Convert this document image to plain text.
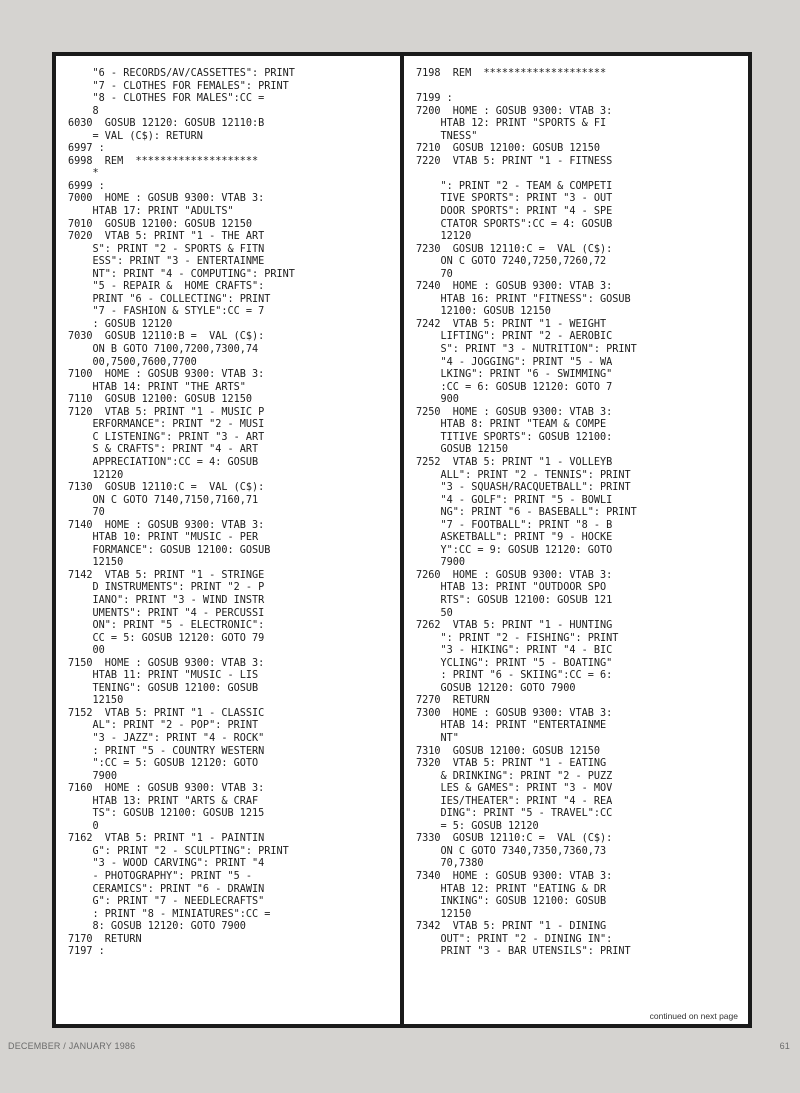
"6 - RECORDS/AV/CASSETTES": PRINT
"7 - CLOTHES FOR FEMALES": PRINT
"8 - CLOTHES FOR MALES":CC =
8
6030  GOSUB 12120: GOSUB 12110:B
= VAL (C$): RETURN
6997 :
6998  REM  ********************
*
6999 :
7000  HOME : GOSUB 9300: VTAB 3:
HTAB 17: PRINT "ADULTS"
7010  GOSUB 12100: GOSUB 12150
7020  VTAB 5: PRINT "1 - THE ART
S": PRINT "2 - SPORTS & FITN
ESS": PRINT "3 - ENTERTAINME
NT": PRINT "4 - COMPUTING": PRINT
"5 - REPAIR &  HOME CRAFTS":
PRINT "6 - COLLECTING": PRINT
"7 - FASHION & STYLE":CC = 7
: GOSUB 12120
7030  GOSUB 12110:B =  VAL (C$):
ON B GOTO 7100,7200,7300,74
00,7500,7600,7700
7100  HOME : GOSUB 9300: VTAB 3:
HTAB 14: PRINT "THE ARTS"
7110  GOSUB 12100: GOSUB 12150
7120  VTAB 5: PRINT "1 - MUSIC P
ERFORMANCE": PRINT "2 - MUSI
C LISTENING": PRINT "3 - ART
S & CRAFTS": PRINT "4 - ART
APPRECIATION":CC = 4: GOSUB
12120
7130  GOSUB 12110:C =  VAL (C$):
ON C GOTO 7140,7150,7160,71
70
7140  HOME : GOSUB 9300: VTAB 3:
HTAB 10: PRINT "MUSIC - PER
FORMANCE": GOSUB 12100: GOSUB
12150
7142  VTAB 5: PRINT "1 - STRINGE
D INSTRUMENTS": PRINT "2 - P
IANO": PRINT "3 - WIND INSTR
UMENTS": PRINT "4 - PERCUSSI
ON": PRINT "5 - ELECTRONIC":
CC = 5: GOSUB 12120: GOTO 79
00
7150  HOME : GOSUB 9300: VTAB 3:
HTAB 11: PRINT "MUSIC - LIS
TENING": GOSUB 12100: GOSUB
12150
7152  VTAB 5: PRINT "1 - CLASSIC
AL": PRINT "2 - POP": PRINT
"3 - JAZZ": PRINT "4 - ROCK"
: PRINT "5 - COUNTRY WESTERN
":CC = 5: GOSUB 12120: GOTO
7900
7160  HOME : GOSUB 9300: VTAB 3:
HTAB 13: PRINT "ARTS & CRAF
TS": GOSUB 12100: GOSUB 1215
0
7162  VTAB 5: PRINT "1 - PAINTIN
G": PRINT "2 - SCULPTING": PRINT
"3 - WOOD CARVING": PRINT "4
- PHOTOGRAPHY": PRINT "5 -
CERAMICS": PRINT "6 - DRAWIN
G": PRINT "7 - NEEDLECRAFTS"
: PRINT "8 - MINIATURES":CC =
8: GOSUB 12120: GOTO 7900
7170  RETURN
7197 :

7198  REM  ********************

7199 :
7200  HOME : GOSUB 9300: VTAB 3:
HTAB 12: PRINT "SPORTS & FI
TNESS"
7210  GOSUB 12100: GOSUB 12150
7220  VTAB 5: PRINT "1 - FITNESS

": PRINT "2 - TEAM & COMPETI
TIVE SPORTS": PRINT "3 - OUT
DOOR SPORTS": PRINT "4 - SPE
CTATOR SPORTS":CC = 4: GOSUB
12120
7230  GOSUB 12110:C =  VAL (C$):
ON C GOTO 7240,7250,7260,72
70
7240  HOME : GOSUB 9300: VTAB 3:
HTAB 16: PRINT "FITNESS": GOSUB
12100: GOSUB 12150
7242  VTAB 5: PRINT "1 - WEIGHT
LIFTING": PRINT "2 - AEROBIC
S": PRINT "3 - NUTRITION": PRINT
"4 - JOGGING": PRINT "5 - WA
LKING": PRINT "6 - SWIMMING"
:CC = 6: GOSUB 12120: GOTO 7
900
7250  HOME : GOSUB 9300: VTAB 3:
HTAB 8: PRINT "TEAM & COMPE
TITIVE SPORTS": GOSUB 12100:
GOSUB 12150
7252  VTAB 5: PRINT "1 - VOLLEYB
ALL": PRINT "2 - TENNIS": PRINT
"3 - SQUASH/RACQUETBALL": PRINT
"4 - GOLF": PRINT "5 - BOWLI
NG": PRINT "6 - BASEBALL": PRINT
"7 - FOOTBALL": PRINT "8 - B
ASKETBALL": PRINT "9 - HOCKE
Y":CC = 9: GOSUB 12120: GOTO
7900
7260  HOME : GOSUB 9300: VTAB 3:
HTAB 13: PRINT "OUTDOOR SPO
RTS": GOSUB 12100: GOSUB 121
50
7262  VTAB 5: PRINT "1 - HUNTING
": PRINT "2 - FISHING": PRINT
"3 - HIKING": PRINT "4 - BIC
YCLING": PRINT "5 - BOATING"
: PRINT "6 - SKIING":CC = 6:
GOSUB 12120: GOTO 7900
7270  RETURN
7300  HOME : GOSUB 9300: VTAB 3:
HTAB 14: PRINT "ENTERTAINME
NT"
7310  GOSUB 12100: GOSUB 12150
7320  VTAB 5: PRINT "1 - EATING
& DRINKING": PRINT "2 - PUZZ
LES & GAMES": PRINT "3 - MOV
IES/THEATER": PRINT "4 - REA
DING": PRINT "5 - TRAVEL":CC
= 5: GOSUB 12120
7330  GOSUB 12110:C =  VAL (C$):
ON C GOTO 7340,7350,7360,73
70,7380
7340  HOME : GOSUB 9300: VTAB 3:
HTAB 12: PRINT "EATING & DR
INKING": GOSUB 12100: GOSUB
12150
7342  VTAB 5: PRINT "1 - DINING
OUT": PRINT "2 - DINING IN":
PRINT "3 - BAR UTENSILS": PRINT

continued on next page
DECEMBER / JANUARY 1986	61
